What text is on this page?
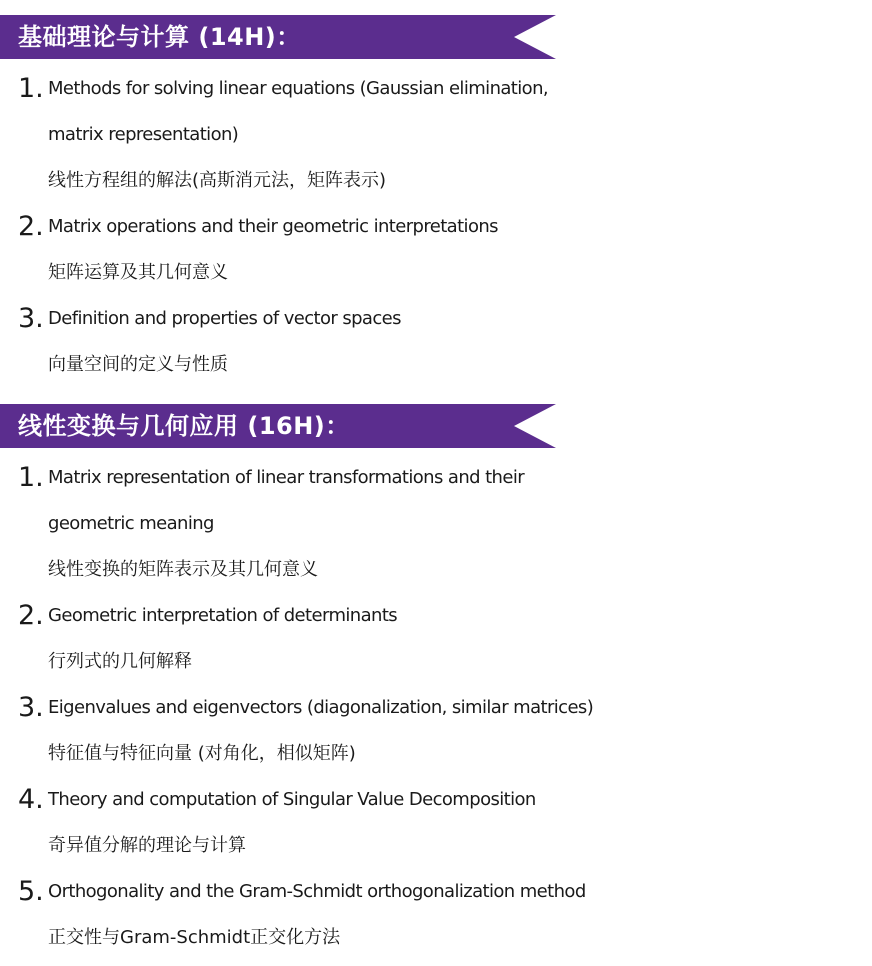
基础理论与计算 (14H)：
1. Methods for solving linear equations (Gaussian elimination,
matrix representation)
线性方程组的解法(高斯消元法，矩阵表示)
2. Matrix operations and their geometric interpretations
矩阵运算及其几何意义
3. Definition and properties of vector spaces
向量空间的定义与性质
线性变换与几何应用 (16H)：
1. Matrix representation of linear transformations and their
geometric meaning
线性变换的矩阵表示及其几何意义
2. Geometric interpretation of determinants
行列式的几何解释
3. Eigenvalues and eigenvectors (diagonalization, similar matrices)
特征值与特征向量 (对角化，相似矩阵)
4. Theory and computation of Singular Value Decomposition
奇异值分解的理论与计算
5. Orthogonality and the Gram-Schmidt orthogonalization method
正交性与Gram-Schmidt正交化方法
